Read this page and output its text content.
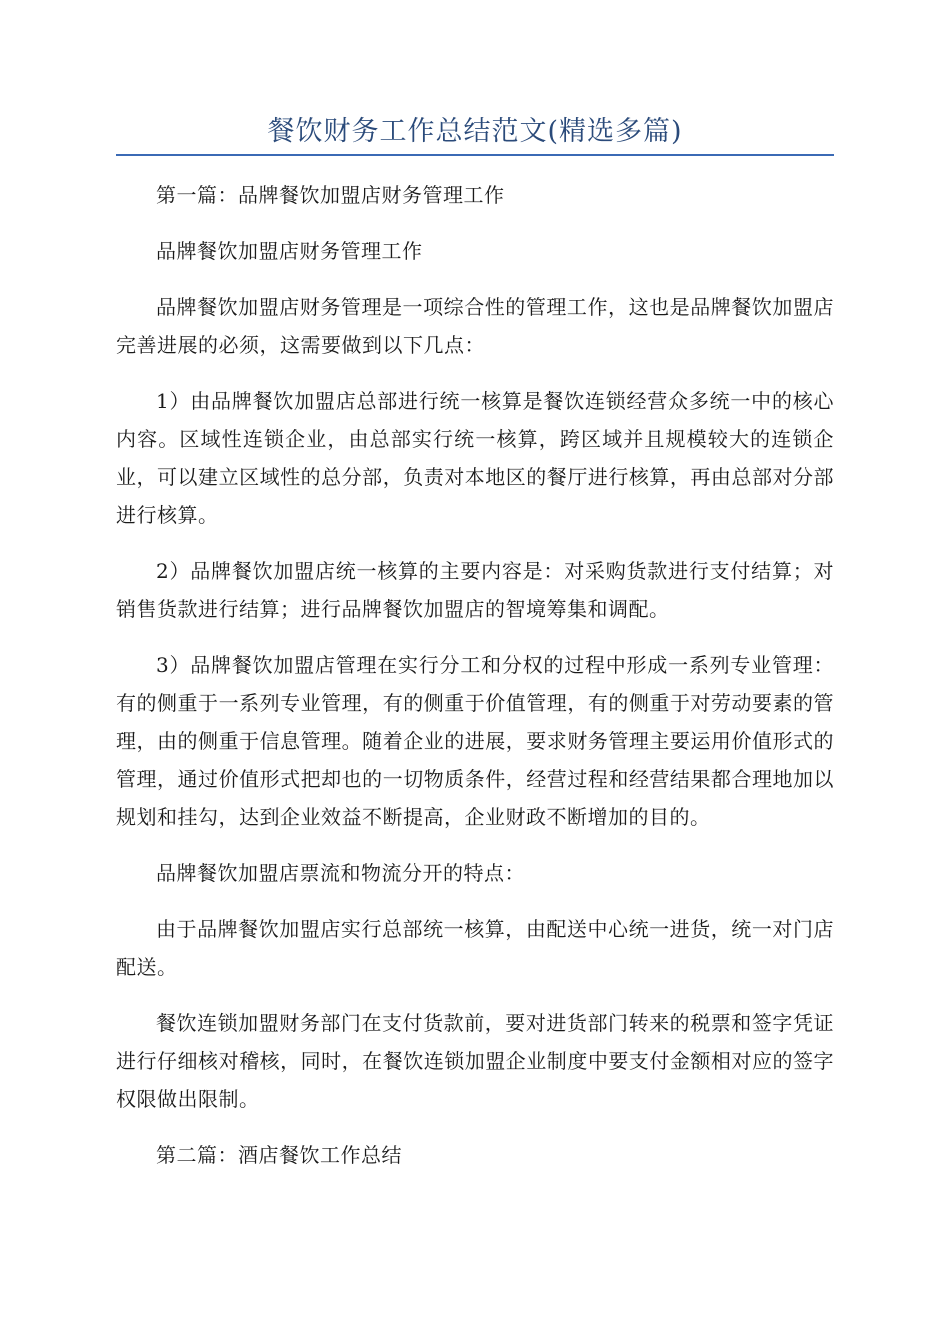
餐饮财务工作总结范文(精选多篇)

第一篇：品牌餐饮加盟店财务管理工作

品牌餐饮加盟店财务管理工作

品牌餐饮加盟店财务管理是一项综合性的管理工作，这也是品牌餐饮加盟店完善进展的必须，这需要做到以下几点：

1）由品牌餐饮加盟店总部进行统一核算是餐饮连锁经营众多统一中的核心内容。区域性连锁企业，由总部实行统一核算，跨区域并且规模较大的连锁企业，可以建立区域性的总分部，负责对本地区的餐厅进行核算，再由总部对分部进行核算。

2）品牌餐饮加盟店统一核算的主要内容是：对采购货款进行支付结算；对销售货款进行结算；进行品牌餐饮加盟店的智境筹集和调配。

3）品牌餐饮加盟店管理在实行分工和分权的过程中形成一系列专业管理：有的侧重于一系列专业管理，有的侧重于价值管理，有的侧重于对劳动要素的管理，由的侧重于信息管理。随着企业的进展，要求财务管理主要运用价值形式的管理，通过价值形式把却也的一切物质条件，经营过程和经营结果都合理地加以规划和挂勾，达到企业效益不断提高，企业财政不断增加的目的。

品牌餐饮加盟店票流和物流分开的特点：

由于品牌餐饮加盟店实行总部统一核算，由配送中心统一进货，统一对门店配送。

餐饮连锁加盟财务部门在支付货款前，要对进货部门转来的税票和签字凭证进行仔细核对稽核，同时，在餐饮连锁加盟企业制度中要支付金额相对应的签字权限做出限制。

第二篇：酒店餐饮工作总结
